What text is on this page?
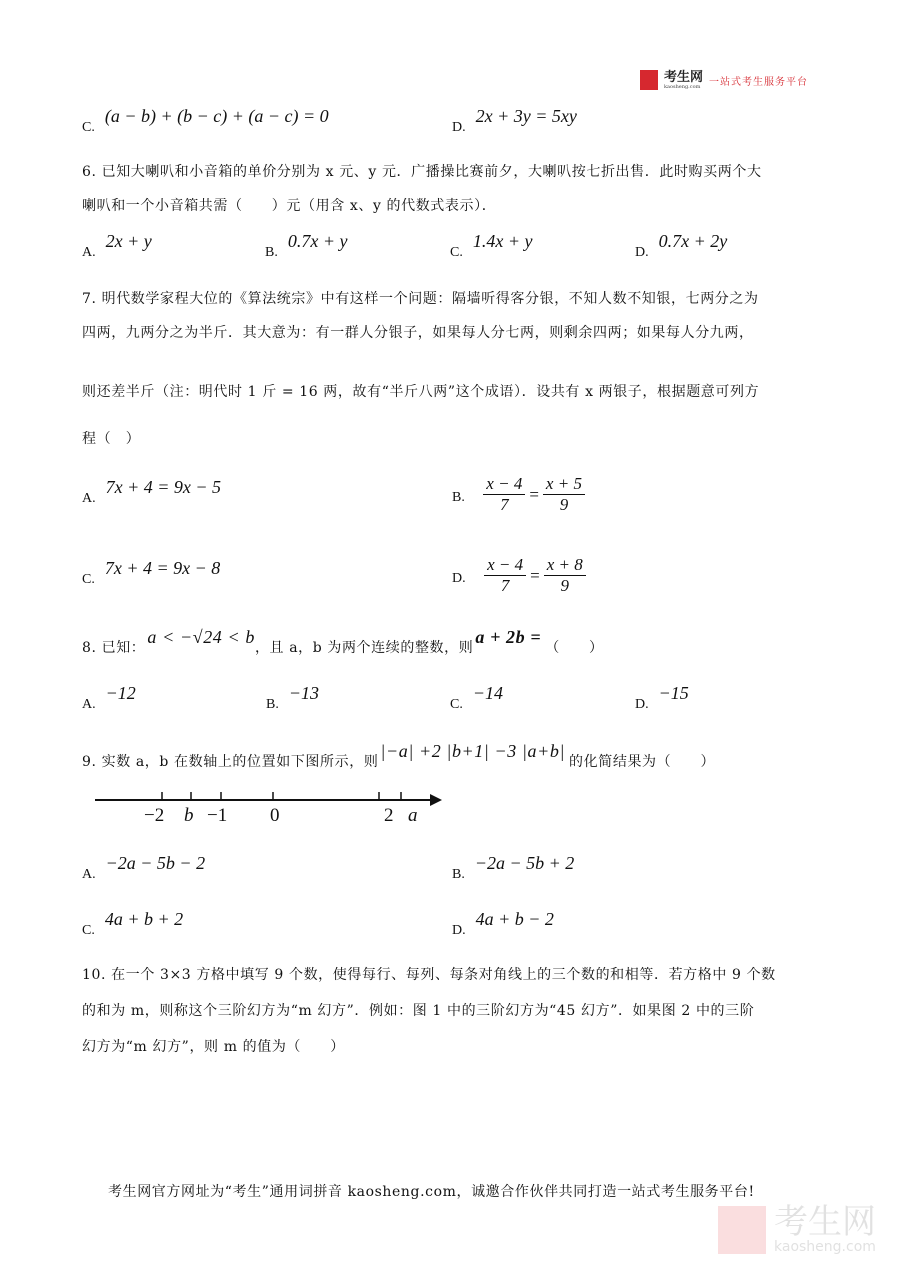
考生网
kaosheng.com 一站式考生服务平台
C.(a − b) + (b − c) + (a − c) = 0
D.2x + 3y = 5xy
6. 已知大喇叭和小音箱的单价分别为 x 元、y 元．广播操比赛前夕，大喇叭按七折出售．此时购买两个大
喇叭和一个小音箱共需（　　）元（用含 x、y 的代数式表示）．
A.2x + y
B.0.7x + y
C.1.4x + y
D.0.7x + 2y
7. 明代数学家程大位的《算法统宗》中有这样一个问题：隔墙听得客分银，不知人数不知银，七两分之为
四两，九两分之为半斤．其大意为：有一群人分银子，如果每人分七两，则剩余四两；如果每人分九两，
则还差半斤（注：明代时 1 斤 = 16 两，故有“半斤八两”这个成语）．设共有 x 两银子，根据题意可列方
程（　）
A.7x + 4 = 9x − 5
B. $\frac{x - 4}{7} = \frac{x + 5}{9}$
C.7x + 4 = 9x − 8
D. $\frac{x - 4}{7} = \frac{x + 8}{9}$
8. 已知：a < −√24 < b，且 a，b 为两个连续的整数，则a + 2b =（　　）
A.−12
B.−13
C.−14
D.−15
9. 实数 a，b 在数轴上的位置如下图所示，则|−a| +2 |b+1| −3 |a+b|的化简结果为（　　）
−2 b −1 0	2 a
A.−2a − 5b − 2
B.−2a − 5b + 2
C.4a + b + 2
D.4a + b − 2
10. 在一个 3×3 方格中填写 9 个数，使得每行、每列、每条对角线上的三个数的和相等．若方格中 9 个数
的和为 m，则称这个三阶幻方为“m 幻方”．例如：图 1 中的三阶幻方为“45 幻方”．如果图 2 中的三阶
幻方为“m 幻方”，则 m 的值为（　　）
考生网官方网址为“考生”通用词拼音 kaosheng.com，诚邀合作伙伴共同打造一站式考生服务平台!
考生网
kaosheng.com
